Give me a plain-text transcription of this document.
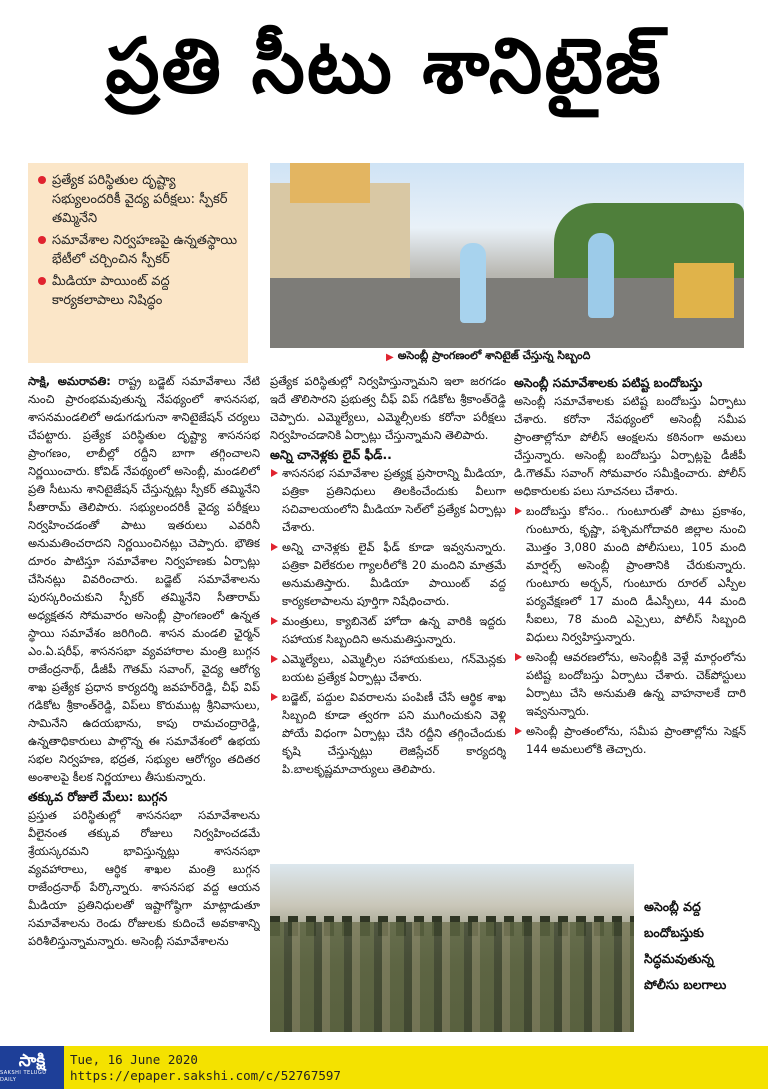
ప్రతి సీటు శానిటైజ్
ప్రత్యేక పరిస్థితుల దృష్ట్యా సభ్యులందరికీ వైద్య పరీక్షలు: స్పీకర్ తమ్మినేని
సమావేశాల నిర్వహణపై ఉన్నతస్థాయి భేటీలో చర్చించిన స్పీకర్
మీడియా పాయింట్ వద్ద కార్యకలాపాలు నిషిద్ధం
▶ అసెంబ్లీ ప్రాంగణంలో శానిటైజ్ చేస్తున్న సిబ్బంది

సాక్షి, అమరావతి: రాష్ట్ర బడ్జెట్ సమావేశాలు నేటి నుంచి ప్రారంభమవుతున్న నేపథ్యంలో శాసనసభ, శాసనమండలిలో అడుగడుగునా శానిటైజేషన్ చర్యలు చేపట్టారు. ప్రత్యేక పరిస్థితుల దృష్ట్యా శాసనసభ ప్రాంగణం, లాబీల్లో రద్దీని బాగా తగ్గించాలని నిర్ణయించారు. కోవిడ్ నేపథ్యంలో అసెంబ్లీ, మండలిలో ప్రతి సీటును శానిటైజేషన్ చేస్తున్నట్లు స్పీకర్ తమ్మినేని సీతారామ్ తెలిపారు. సభ్యులందరికీ వైద్య పరీక్షలు నిర్వహించడంతో పాటు ఇతరులు ఎవరినీ అనుమతించరాదని నిర్ణయించినట్లు చెప్పారు. భౌతిక దూరం పాటిస్తూ సమావేశాల నిర్వహణకు ఏర్పాట్లు చేసినట్లు వివరించారు. బడ్జెట్ సమావేశాలను పురస్కరించుకుని స్పీకర్ తమ్మినేని సీతారామ్ అధ్యక్షతన సోమవారం అసెంబ్లీ ప్రాంగణంలో ఉన్నత స్థాయి సమావేశం జరిగింది. శాసన మండలి ఛైర్మన్ ఎం.ఏ.షరీఫ్, శాసనసభా వ్యవహారాల మంత్రి బుగ్గన రాజేంద్రనాథ్, డీజీపీ గౌతమ్ సవాంగ్, వైద్య ఆరోగ్య శాఖ ప్రత్యేక ప్రధాన కార్యదర్శి జవహర్‌రెడ్డి, చీఫ్ విప్ గడికోట శ్రీకాంత్‌రెడ్డి, విప్‌లు కొరుముట్ల శ్రీనివాసులు, సామినేని ఉదయభాను, కాపు రామచంద్రారెడ్డి, ఉన్నతాధికారులు పాల్గొన్న ఈ సమావేశంలో ఉభయ సభల నిర్వహణ, భద్రత, సభ్యుల ఆరోగ్యం తదితర అంశాలపై కీలక నిర్ణయాలు తీసుకున్నారు.

తక్కువ రోజులే మేలు: బుగ్గన

ప్రస్తుత పరిస్థితుల్లో శాసనసభా సమావేశాలను వీలైనంత తక్కువ రోజులు నిర్వహించడమే శ్రేయస్కరమని భావిస్తున్నట్లు శాసనసభా వ్యవహారాలు, ఆర్థిక శాఖల మంత్రి బుగ్గన రాజేంద్రనాథ్ పేర్కొన్నారు. శాసనసభ వద్ద ఆయన మీడియా ప్రతినిధులతో ఇష్టాగోష్ఠిగా మాట్లాడుతూ సమావేశాలను రెండు రోజులకు కుదించే అవకాశాన్ని పరిశీలిస్తున్నామన్నారు. అసెంబ్లీ సమావేశాలను

ప్రత్యేక పరిస్థితుల్లో నిర్వహిస్తున్నామని ఇలా జరగడం ఇదే తొలిసారని ప్రభుత్వ చీఫ్ విప్ గడికోట శ్రీకాంత్‌రెడ్డి చెప్పారు. ఎమ్మెల్యేలు, ఎమ్మెల్సీలకు కరోనా పరీక్షలు నిర్వహించడానికి ఏర్పాట్లు చేస్తున్నామని తెలిపారు.

అన్ని చానెళ్లకు లైవ్ ఫీడ్..
శాసనసభ సమావేశాల ప్రత్యక్ష ప్రసారాన్ని మీడియా, పత్రికా ప్రతినిధులు తిలకించేందుకు వీలుగా సచివాలయంలోని మీడియా సెల్‌లో ప్రత్యేక ఏర్పాట్లు చేశారు.
అన్ని చానెళ్లకు లైవ్ ఫీడ్ కూడా ఇవ్వనున్నారు. పత్రికా విలేకరుల గ్యాలరీలోకి 20 మందిని మాత్రమే అనుమతిస్తారు. మీడియా పాయింట్ వద్ద కార్యకలాపాలను పూర్తిగా నిషేధించారు.
మంత్రులు, క్యాబినెట్ హోదా ఉన్న వారికి ఇద్దరు సహాయక సిబ్బందిని అనుమతిస్తున్నారు.
ఎమ్మెల్యేలు, ఎమ్మెల్సీల సహాయకులు, గన్‌మెన్లకు బయట ప్రత్యేక ఏర్పాట్లు చేశారు.
బడ్జెట్, పద్దుల వివరాలను పంపిణీ చేసే ఆర్థిక శాఖ సిబ్బంది కూడా త్వరగా పని ముగించుకుని వెళ్లి పోయే విధంగా ఏర్పాట్లు చేసి రద్దీని తగ్గించేందుకు కృషి చేస్తున్నట్లు లెజిస్లేచర్ కార్యదర్శి పి.బాలకృష్ణమాచార్యులు తెలిపారు.
అసెంబ్లీ సమావేశాలకు పటిష్ట బందోబస్తు

అసెంబ్లీ సమావేశాలకు పటిష్ట బందోబస్తు ఏర్పాటు చేశారు. కరోనా నేపథ్యంలో అసెంబ్లీ సమీప ప్రాంతాల్లోనూ పోలీస్ ఆంక్షలను కఠినంగా అమలు చేస్తున్నారు. అసెంబ్లీ బందోబస్తు ఏర్పాట్లపై డీజీపీ డి.గౌతమ్ సవాంగ్ సోమవారం సమీక్షించారు. పోలీస్ అధికారులకు పలు సూచనలు చేశారు.

బందోబస్తు కోసం.. గుంటూరుతో పాటు ప్రకాశం, గుంటూరు, కృష్ణా, పశ్చిమగోదావరి జిల్లాల నుంచి మొత్తం 3,080 మంది పోలీసులు, 105 మంది మార్షల్స్ అసెంబ్లీ ప్రాంతానికి చేరుకున్నారు. గుంటూరు అర్బన్, గుంటూరు రూరల్ ఎస్పీల పర్యవేక్షణలో 17 మంది డీఎస్పీలు, 44 మంది సీఐలు, 78 మంది ఎస్సైలు, పోలీస్ సిబ్బంది విధులు నిర్వహిస్తున్నారు.
అసెంబ్లీ ఆవరణలోను, అసెంబ్లీకి వెళ్లే మార్గంలోను పటిష్ట బందోబస్తు ఏర్పాటు చేశారు. చెక్‌పోస్టులు ఏర్పాటు చేసి అనుమతి ఉన్న వాహనాలకే దారి ఇవ్వనున్నారు.
అసెంబ్లీ ప్రాంతంలోను, సమీప ప్రాంతాల్లోను సెక్షన్ 144 అమలులోకి తెచ్చారు.
అసెంబ్లీ వద్ద బందోబస్తుకు సిద్ధమవుతున్న పోలీసు బలగాలు
సాక్షి
SAKSHI TELUGU DAILY
Tue, 16 June 2020
https://epaper.sakshi.com/c/52767597
